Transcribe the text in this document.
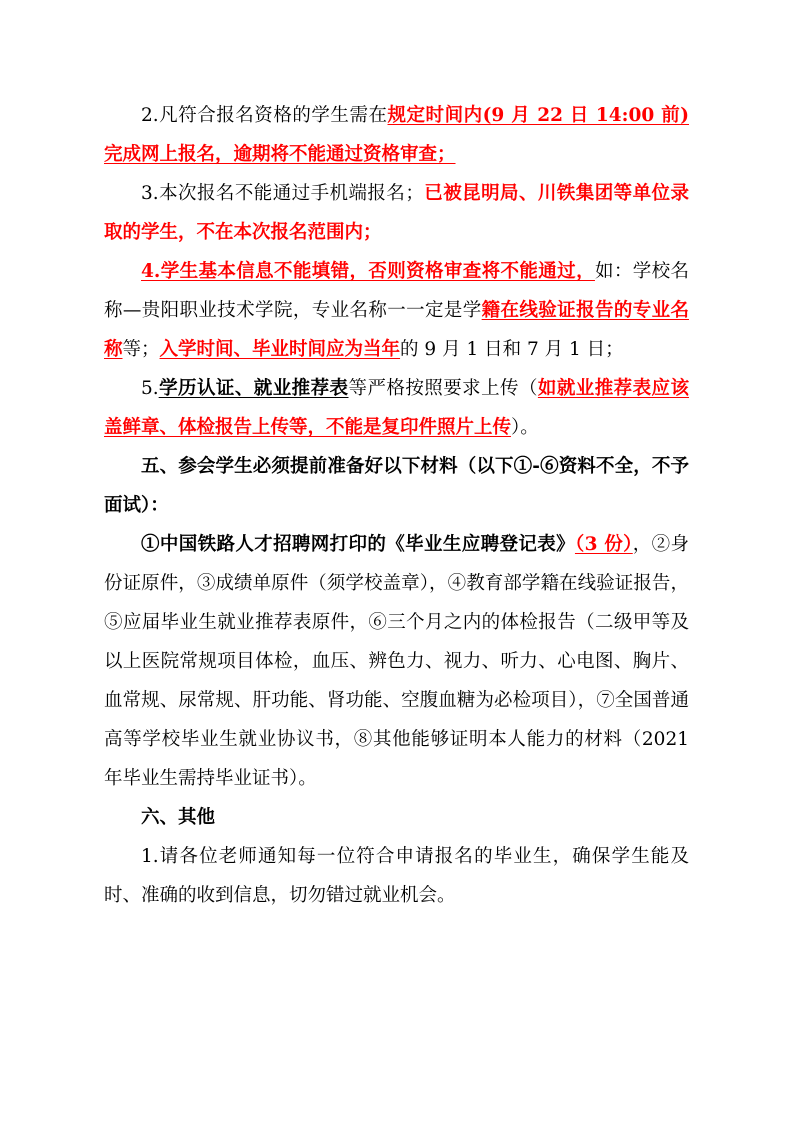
2.凡符合报名资格的学生需在规定时间内(9 月 22 日 14:00 前)完成网上报名，逾期将不能通过资格审查；

3.本次报名不能通过手机端报名；已被昆明局、川铁集团等单位录取的学生，不在本次报名范围内；

4.学生基本信息不能填错，否则资格审查将不能通过，如：学校名称—贵阳职业技术学院，专业名称一一定是学籍在线验证报告的专业名称等；入学时间、毕业时间应为当年的 9 月 1 日和 7 月 1 日；

5.学历认证、就业推荐表等严格按照要求上传（如就业推荐表应该盖鲜章、体检报告上传等，不能是复印件照片上传）。

五、参会学生必须提前准备好以下材料（以下①-⑥资料不全，不予面试）：

①中国铁路人才招聘网打印的《毕业生应聘登记表》（3 份），②身份证原件，③成绩单原件（须学校盖章），④教育部学籍在线验证报告，⑤应届毕业生就业推荐表原件，⑥三个月之内的体检报告（二级甲等及以上医院常规项目体检，血压、辨色力、视力、听力、心电图、胸片、血常规、尿常规、肝功能、肾功能、空腹血糖为必检项目），⑦全国普通高等学校毕业生就业协议书，⑧其他能够证明本人能力的材料（2021 年毕业生需持毕业证书）。

六、其他

1.请各位老师通知每一位符合申请报名的毕业生，确保学生能及时、准确的收到信息，切勿错过就业机会。
